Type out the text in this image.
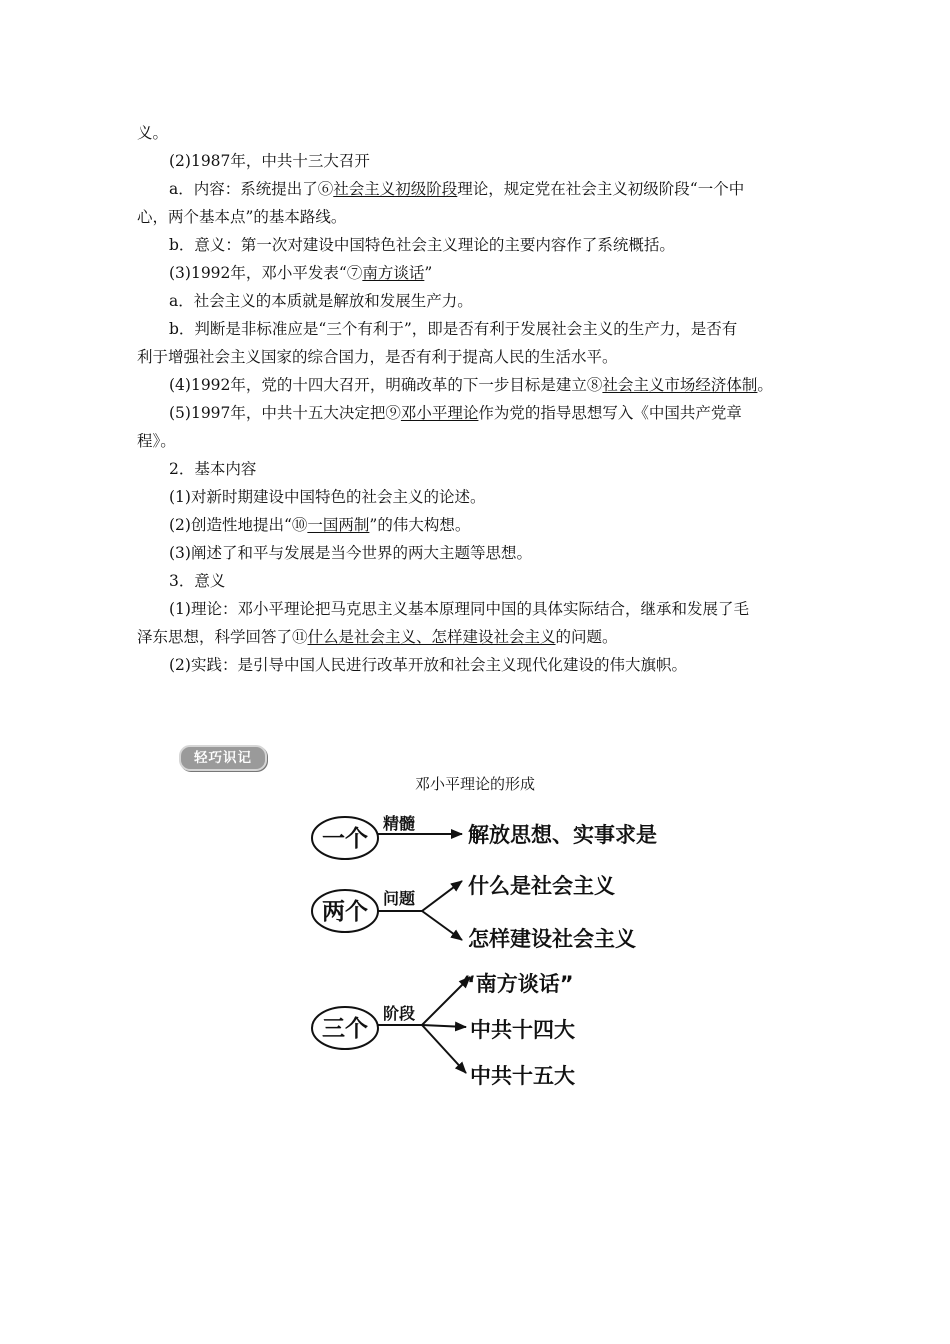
义。
(2)1987年，中共十三大召开
a．内容：系统提出了⑥社会主义初级阶段理论，规定党在社会主义初级阶段“一个中
心，两个基本点”的基本路线。
b．意义：第一次对建设中国特色社会主义理论的主要内容作了系统概括。
(3)1992年，邓小平发表“⑦南方谈话”
a．社会主义的本质就是解放和发展生产力。
b．判断是非标准应是“三个有利于”，即是否有利于发展社会主义的生产力，是否有
利于增强社会主义国家的综合国力，是否有利于提高人民的生活水平。
(4)1992年，党的十四大召开，明确改革的下一步目标是建立⑧社会主义市场经济体制。
(5)1997年，中共十五大决定把⑨邓小平理论作为党的指导思想写入《中国共产党章
程》。
2．基本内容
(1)对新时期建设中国特色的社会主义的论述。
(2)创造性地提出“⑩一国两制”的伟大构想。
(3)阐述了和平与发展是当今世界的两大主题等思想。
3．意义
(1)理论：邓小平理论把马克思主义基本原理同中国的具体实际结合，继承和发展了毛
泽东思想，科学回答了⑪什么是社会主义、怎样建设社会主义的问题。
(2)实践：是引导中国人民进行改革开放和社会主义现代化建设的伟大旗帜。
轻巧识记
邓小平理论的形成
一个
精髓	解放思想、实事求是
两个
问题
什么是社会主义
怎样建设社会主义
三个
阶段
“南方谈话”
中共十四大
中共十五大
